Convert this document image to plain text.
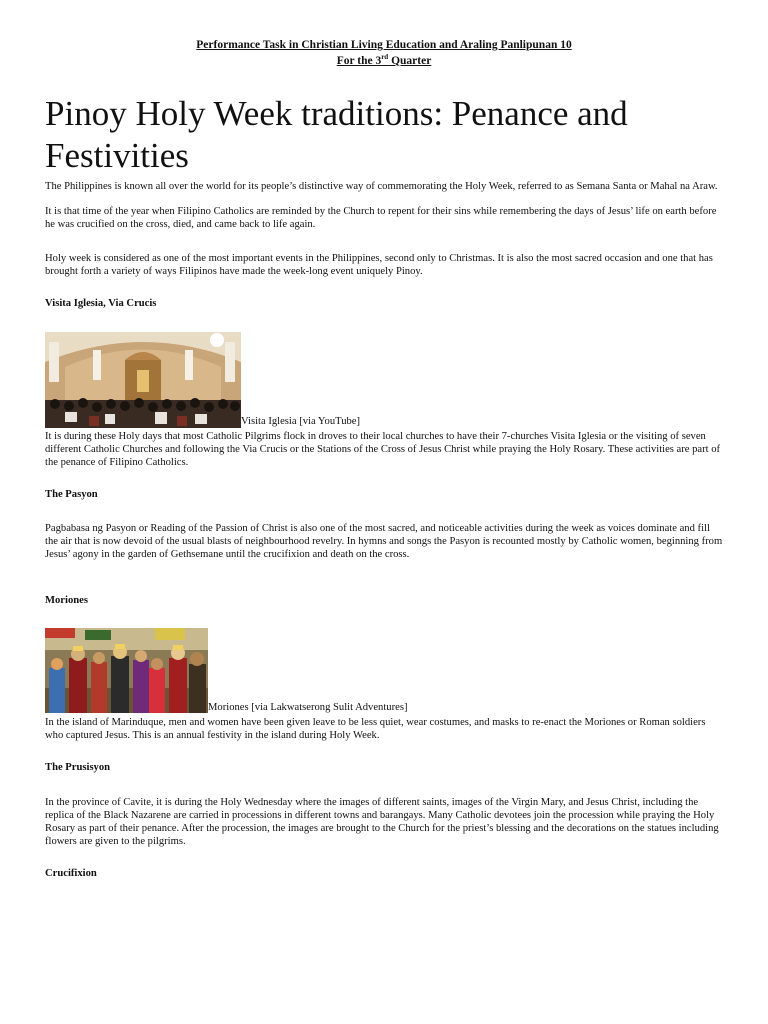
Performance Task in Christian Living Education and Araling Panlipunan 10
For the 3rd Quarter
Pinoy Holy Week traditions: Penance and Festivities

The Philippines is known all over the world for its people’s distinctive way of commemorating the Holy Week, referred to as Semana Santa or Mahal na Araw.

It is that time of the year when Filipino Catholics are reminded by the Church to repent for their sins while remembering the days of Jesus’ life on earth before he was crucified on the cross, died, and came back to life again.

Holy week is considered as one of the most important events in the Philippines, second only to Christmas. It is also the most sacred occasion and one that has brought forth a variety of ways Filipinos have made the week-long event uniquely Pinoy.

Visita Iglesia, Via Crucis
Visita Iglesia [via YouTube]

It is during these Holy days that most Catholic Pilgrims flock in droves to their local churches to have their 7-churches Visita Iglesia or the visiting of seven different Catholic Churches and following the Via Crucis or the Stations of the Cross of Jesus Christ while praying the Holy Rosary. These activities are part of the penance of Filipino Catholics.

The Pasyon

Pagbabasa ng Pasyon or Reading of the Passion of Christ is also one of the most sacred, and noticeable activities during the week as voices dominate and fill the air that is now devoid of the usual blasts of neighbourhood revelry. In hymns and songs the Pasyon is recounted mostly by Catholic women, beginning from Jesus’ agony in the garden of Gethsemane until the crucifixion and death on the cross.

Moriones
Moriones [via Lakwatserong Sulit Adventures]

In the island of Marinduque, men and women have been given leave to be less quiet, wear costumes, and masks to re-enact the Moriones or Roman soldiers who captured Jesus. This is an annual festivity in the island during Holy Week.

The Prusisyon

In the province of Cavite, it is during the Holy Wednesday where the images of different saints, images of the Virgin Mary, and Jesus Christ, including the replica of the Black Nazarene are carried in processions in different towns and barangays. Many Catholic devotees join the procession while praying the Holy Rosary as part of their penance. After the procession, the images are brought to the Church for the priest’s blessing and the decorations on the statues including flowers are given to the pilgrims.

Crucifixion
